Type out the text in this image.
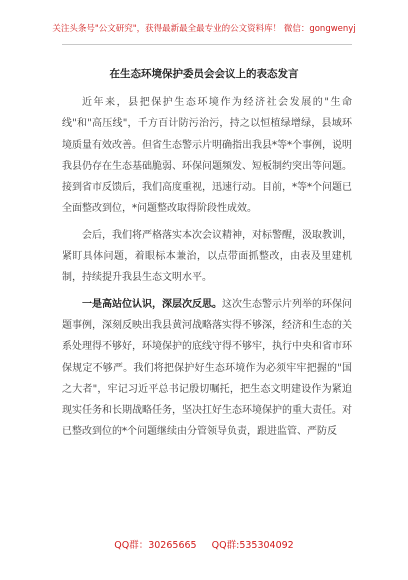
关注头条号"公文研究"，获得最新最全最专业的公文资料库！ 微信：gongwenyj
在生态环境保护委员会会议上的表态发言

近年来，县把保护生态环境作为经济社会发展的"生命线"和"高压线"，千方百计防污治污，持之以恒植绿增绿，县域环境质量有效改善。但省生态警示片明确指出我县*等*个事例，说明我县仍存在生态基础脆弱、环保问题频发、短板制约突出等问题。接到省市反馈后，我们高度重视，迅速行动。目前，*等*个问题已全面整改到位，*问题整改取得阶段性成效。

会后，我们将严格落实本次会议精神，对标警醒，汲取教训，紧盯具体问题，着眼标本兼治，以点带面抓整改，由表及里建机制，持续提升我县生态文明水平。

一是高站位认识，深层次反思。这次生态警示片列举的环保问题事例，深刻反映出我县黄河战略落实得不够深，经济和生态的关系处理得不够好，环境保护的底线守得不够牢，执行中央和省市环保规定不够严。我们将把保护好生态环境作为必须牢牢把握的"国之大者"，牢记习近平总书记殷切嘱托，把生态文明建设作为紧迫现实任务和长期战略任务，坚决扛好生态环境保护的重大责任。对已整改到位的*个问题继续由分管领导负责，跟进监管、严防反

QQ群：30265665     QQ群:535304092
